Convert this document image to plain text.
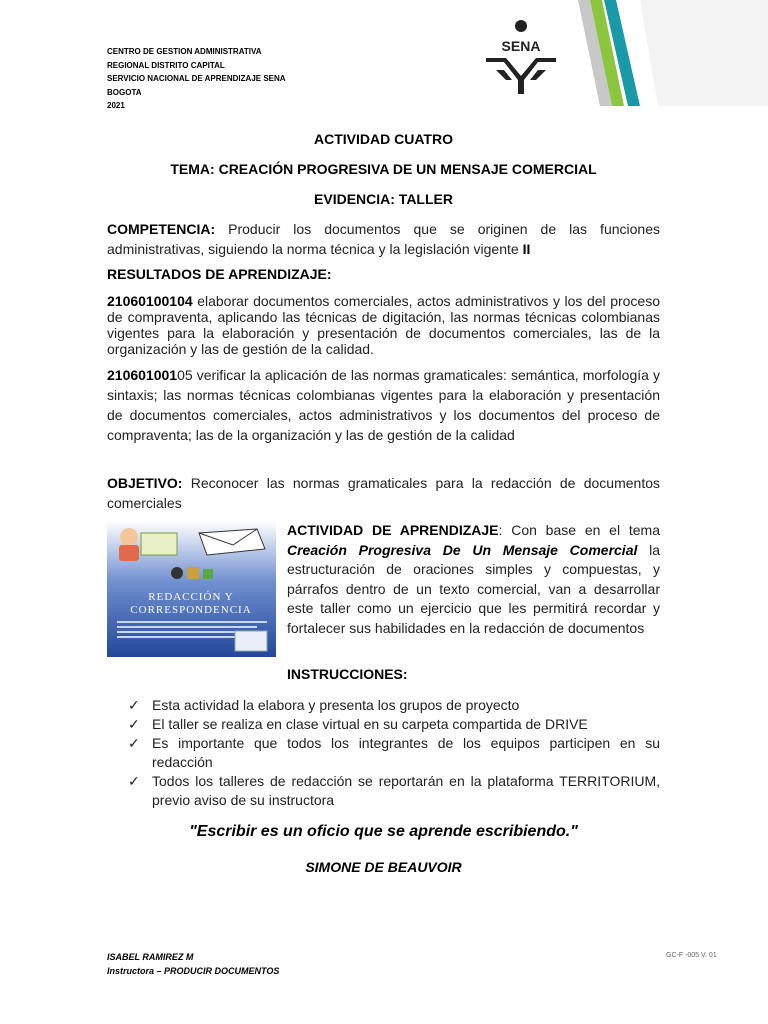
CENTRO DE GESTION ADMINISTRATIVA
REGIONAL DISTRITO CAPITAL
SERVICIO NACIONAL DE APRENDIZAJE SENA
BOGOTA
2021
SENA
ACTIVIDAD CUATRO
TEMA: CREACIÓN PROGRESIVA DE UN MENSAJE COMERCIAL
EVIDENCIA: TALLER
COMPETENCIA: Producir los documentos que se originen de las funciones administrativas, siguiendo la norma técnica y la legislación vigente II
RESULTADOS DE APRENDIZAJE:
21060100104 elaborar documentos comerciales, actos administrativos y los del proceso de compraventa, aplicando las técnicas de digitación, las normas técnicas colombianas vigentes para la elaboración y presentación de documentos comerciales, las de la organización y las de gestión de la calidad.
21060100105 verificar la aplicación de las normas gramaticales: semántica, morfología y sintaxis; las normas técnicas colombianas vigentes para la elaboración y presentación de documentos comerciales, actos administrativos y los documentos del proceso de compraventa; las de la organización y las de gestión de la calidad
OBJETIVO: Reconocer las normas gramaticales para la redacción de documentos comerciales
REDACCIÓN Y
CORRESPONDENCIA
ACTIVIDAD DE APRENDIZAJE: Con base en el tema Creación Progresiva De Un Mensaje Comercial la estructuración de oraciones simples y compuestas, y párrafos dentro de un texto comercial, van a desarrollar este taller como un ejercicio que les permitirá recordar y fortalecer sus habilidades en la redacción de documentos
INSTRUCCIONES:
✓ Esta actividad la elabora y presenta los grupos de proyecto
✓ El taller se realiza en clase virtual en su carpeta compartida de DRIVE
✓ Es importante que todos los integrantes de los equipos participen en su redacción
✓ Todos los talleres de redacción se reportarán en la plataforma TERRITORIUM, previo aviso de su instructora
"Escribir es un oficio que se aprende escribiendo."
SIMONE DE BEAUVOIR
ISABEL RAMIREZ M
Instructora – PRODUCIR DOCUMENTOS
GC-F -005 V. 01
